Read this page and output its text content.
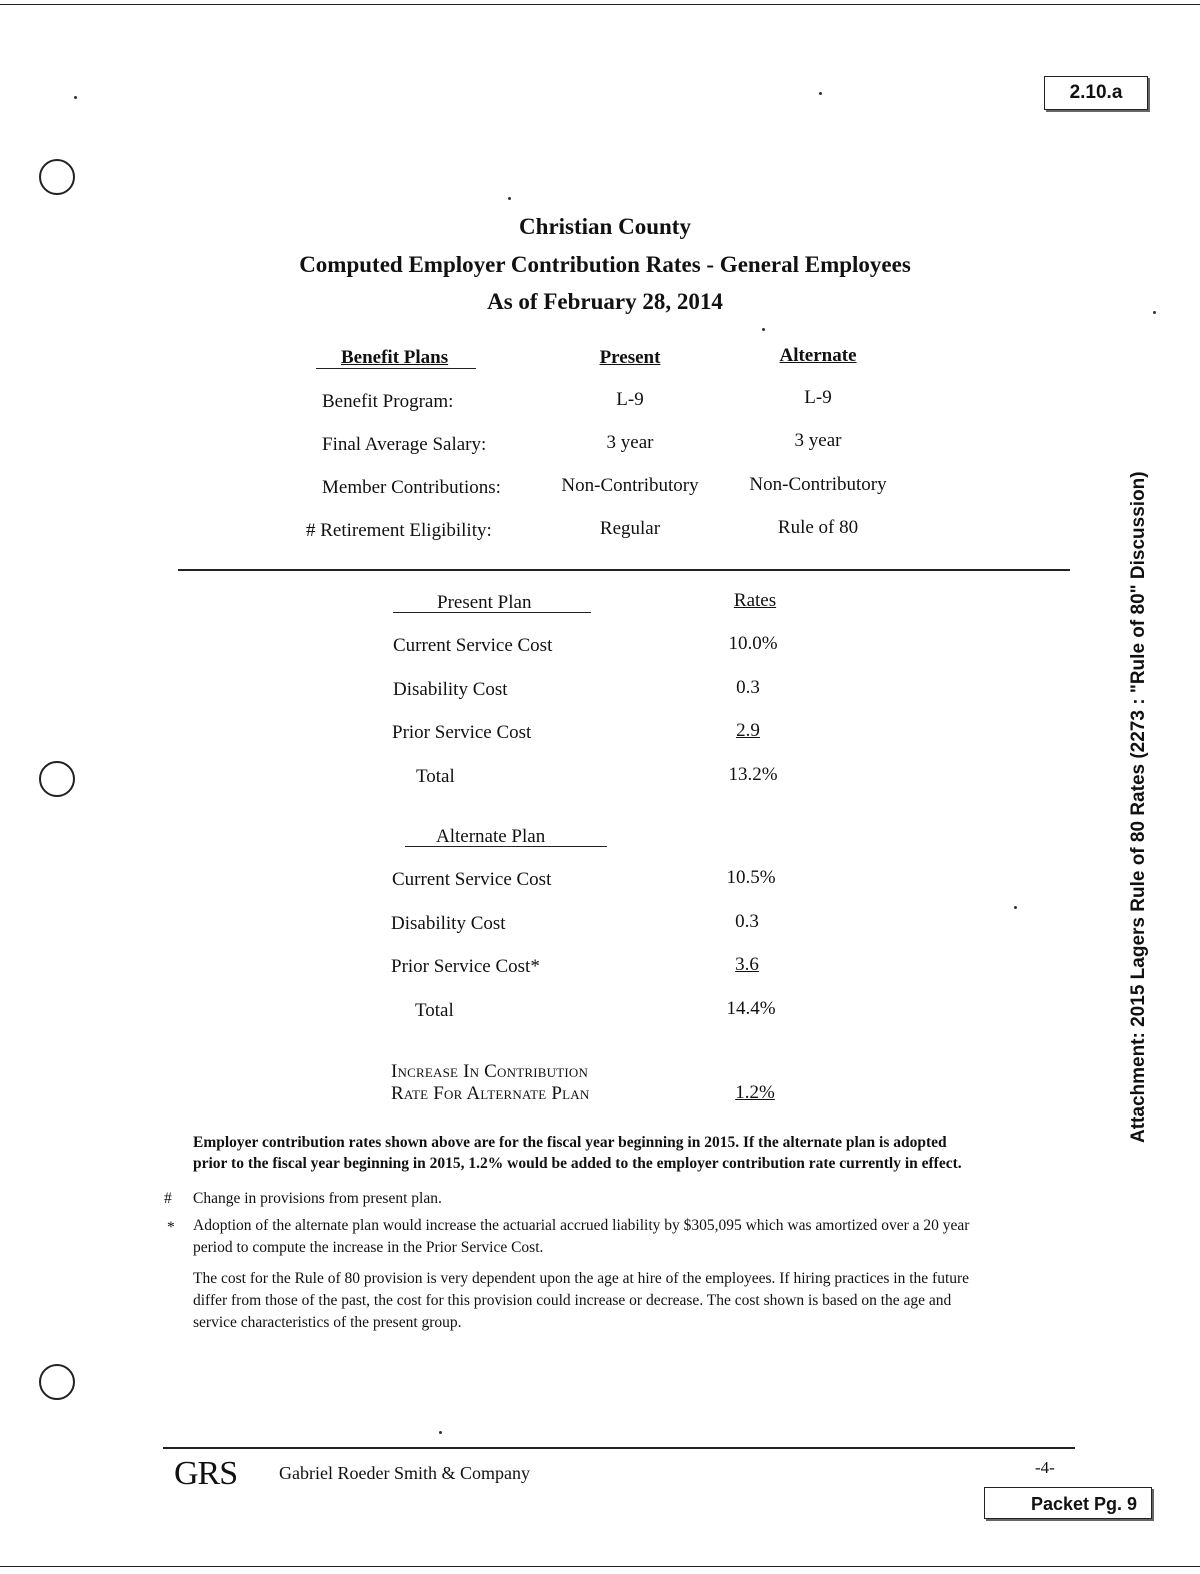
2.10.a
Christian County
Computed Employer Contribution Rates - General Employees
As of February 28, 2014
Benefit Plans	Present	Alternate
Benefit Program:	L-9	L-9
Final Average Salary:	3 year	3 year
Member Contributions:	Non-Contributory	Non-Contributory
# Retirement Eligibility:	Regular	Rule of 80
Present Plan	Rates
Current Service Cost	10.0%
Disability Cost	0.3
Prior Service Cost	2.9
Total	13.2%
Alternate Plan
Current Service Cost	10.5%
Disability Cost	0.3
Prior Service Cost*	3.6
Total	14.4%
Increase In Contribution
Rate For Alternate Plan	1.2%
Employer contribution rates shown above are for the fiscal year beginning in 2015. If the alternate plan is adopted
prior to the fiscal year beginning in 2015, 1.2% would be added to the employer contribution rate currently in effect.
# Change in provisions from present plan.
* Adoption of the alternate plan would increase the actuarial accrued liability by $305,095 which was amortized over a 20 year
period to compute the increase in the Prior Service Cost.
The cost for the Rule of 80 provision is very dependent upon the age at hire of the employees. If hiring practices in the future
differ from those of the past, the cost for this provision could increase or decrease. The cost shown is based on the age and
service characteristics of the present group.
Attachment: 2015 Lagers Rule of 80 Rates (2273 : "Rule of 80" Discussion)
GRS Gabriel Roeder Smith & Company	-4-
Packet Pg. 9
